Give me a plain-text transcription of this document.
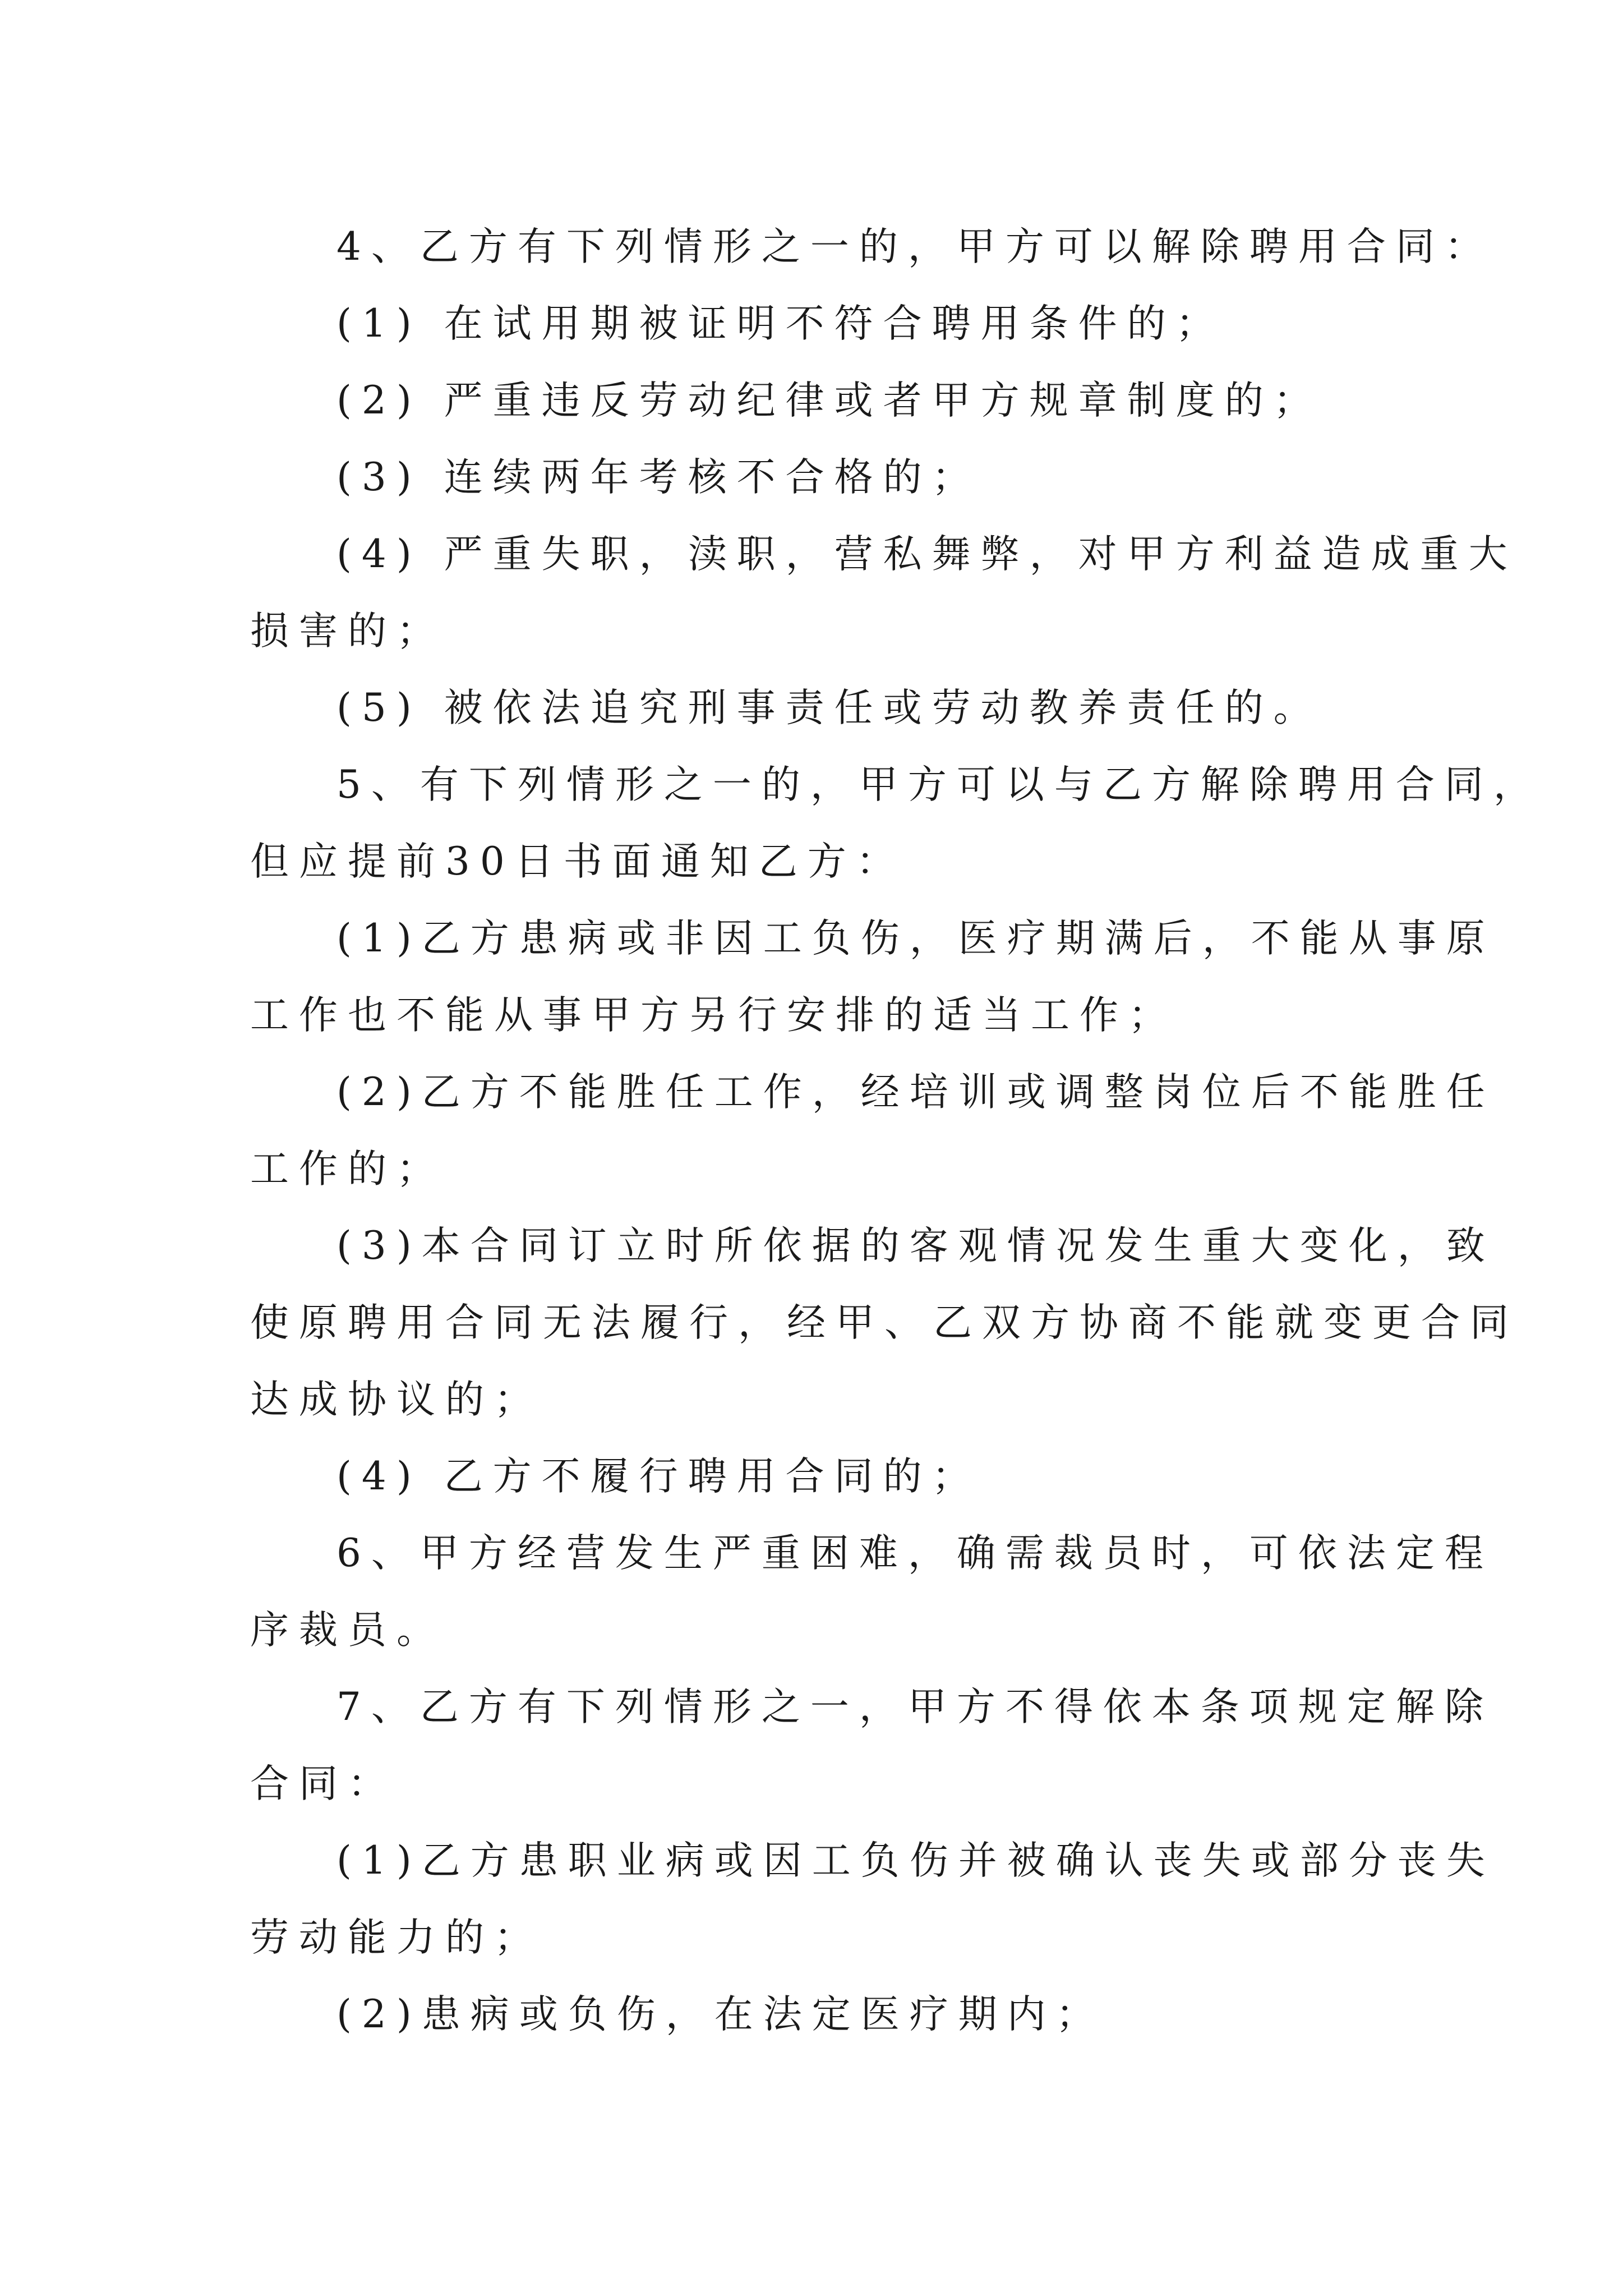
4、乙方有下列情形之一的，甲方可以解除聘用合同：
(1) 在试用期被证明不符合聘用条件的；
(2) 严重违反劳动纪律或者甲方规章制度的；
(3) 连续两年考核不合格的；
(4) 严重失职，渎职，营私舞弊，对甲方利益造成重大
损害的；
(5) 被依法追究刑事责任或劳动教养责任的。
5、有下列情形之一的，甲方可以与乙方解除聘用合同，
但应提前30日书面通知乙方：
(1)乙方患病或非因工负伤，医疗期满后，不能从事原
工作也不能从事甲方另行安排的适当工作；
(2)乙方不能胜任工作，经培训或调整岗位后不能胜任
工作的；
(3)本合同订立时所依据的客观情况发生重大变化，致
使原聘用合同无法履行，经甲、乙双方协商不能就变更合同
达成协议的；
(4) 乙方不履行聘用合同的；
6、甲方经营发生严重困难，确需裁员时，可依法定程
序裁员。
7、乙方有下列情形之一，甲方不得依本条项规定解除
合同：
(1)乙方患职业病或因工负伤并被确认丧失或部分丧失
劳动能力的；
(2)患病或负伤，在法定医疗期内；
